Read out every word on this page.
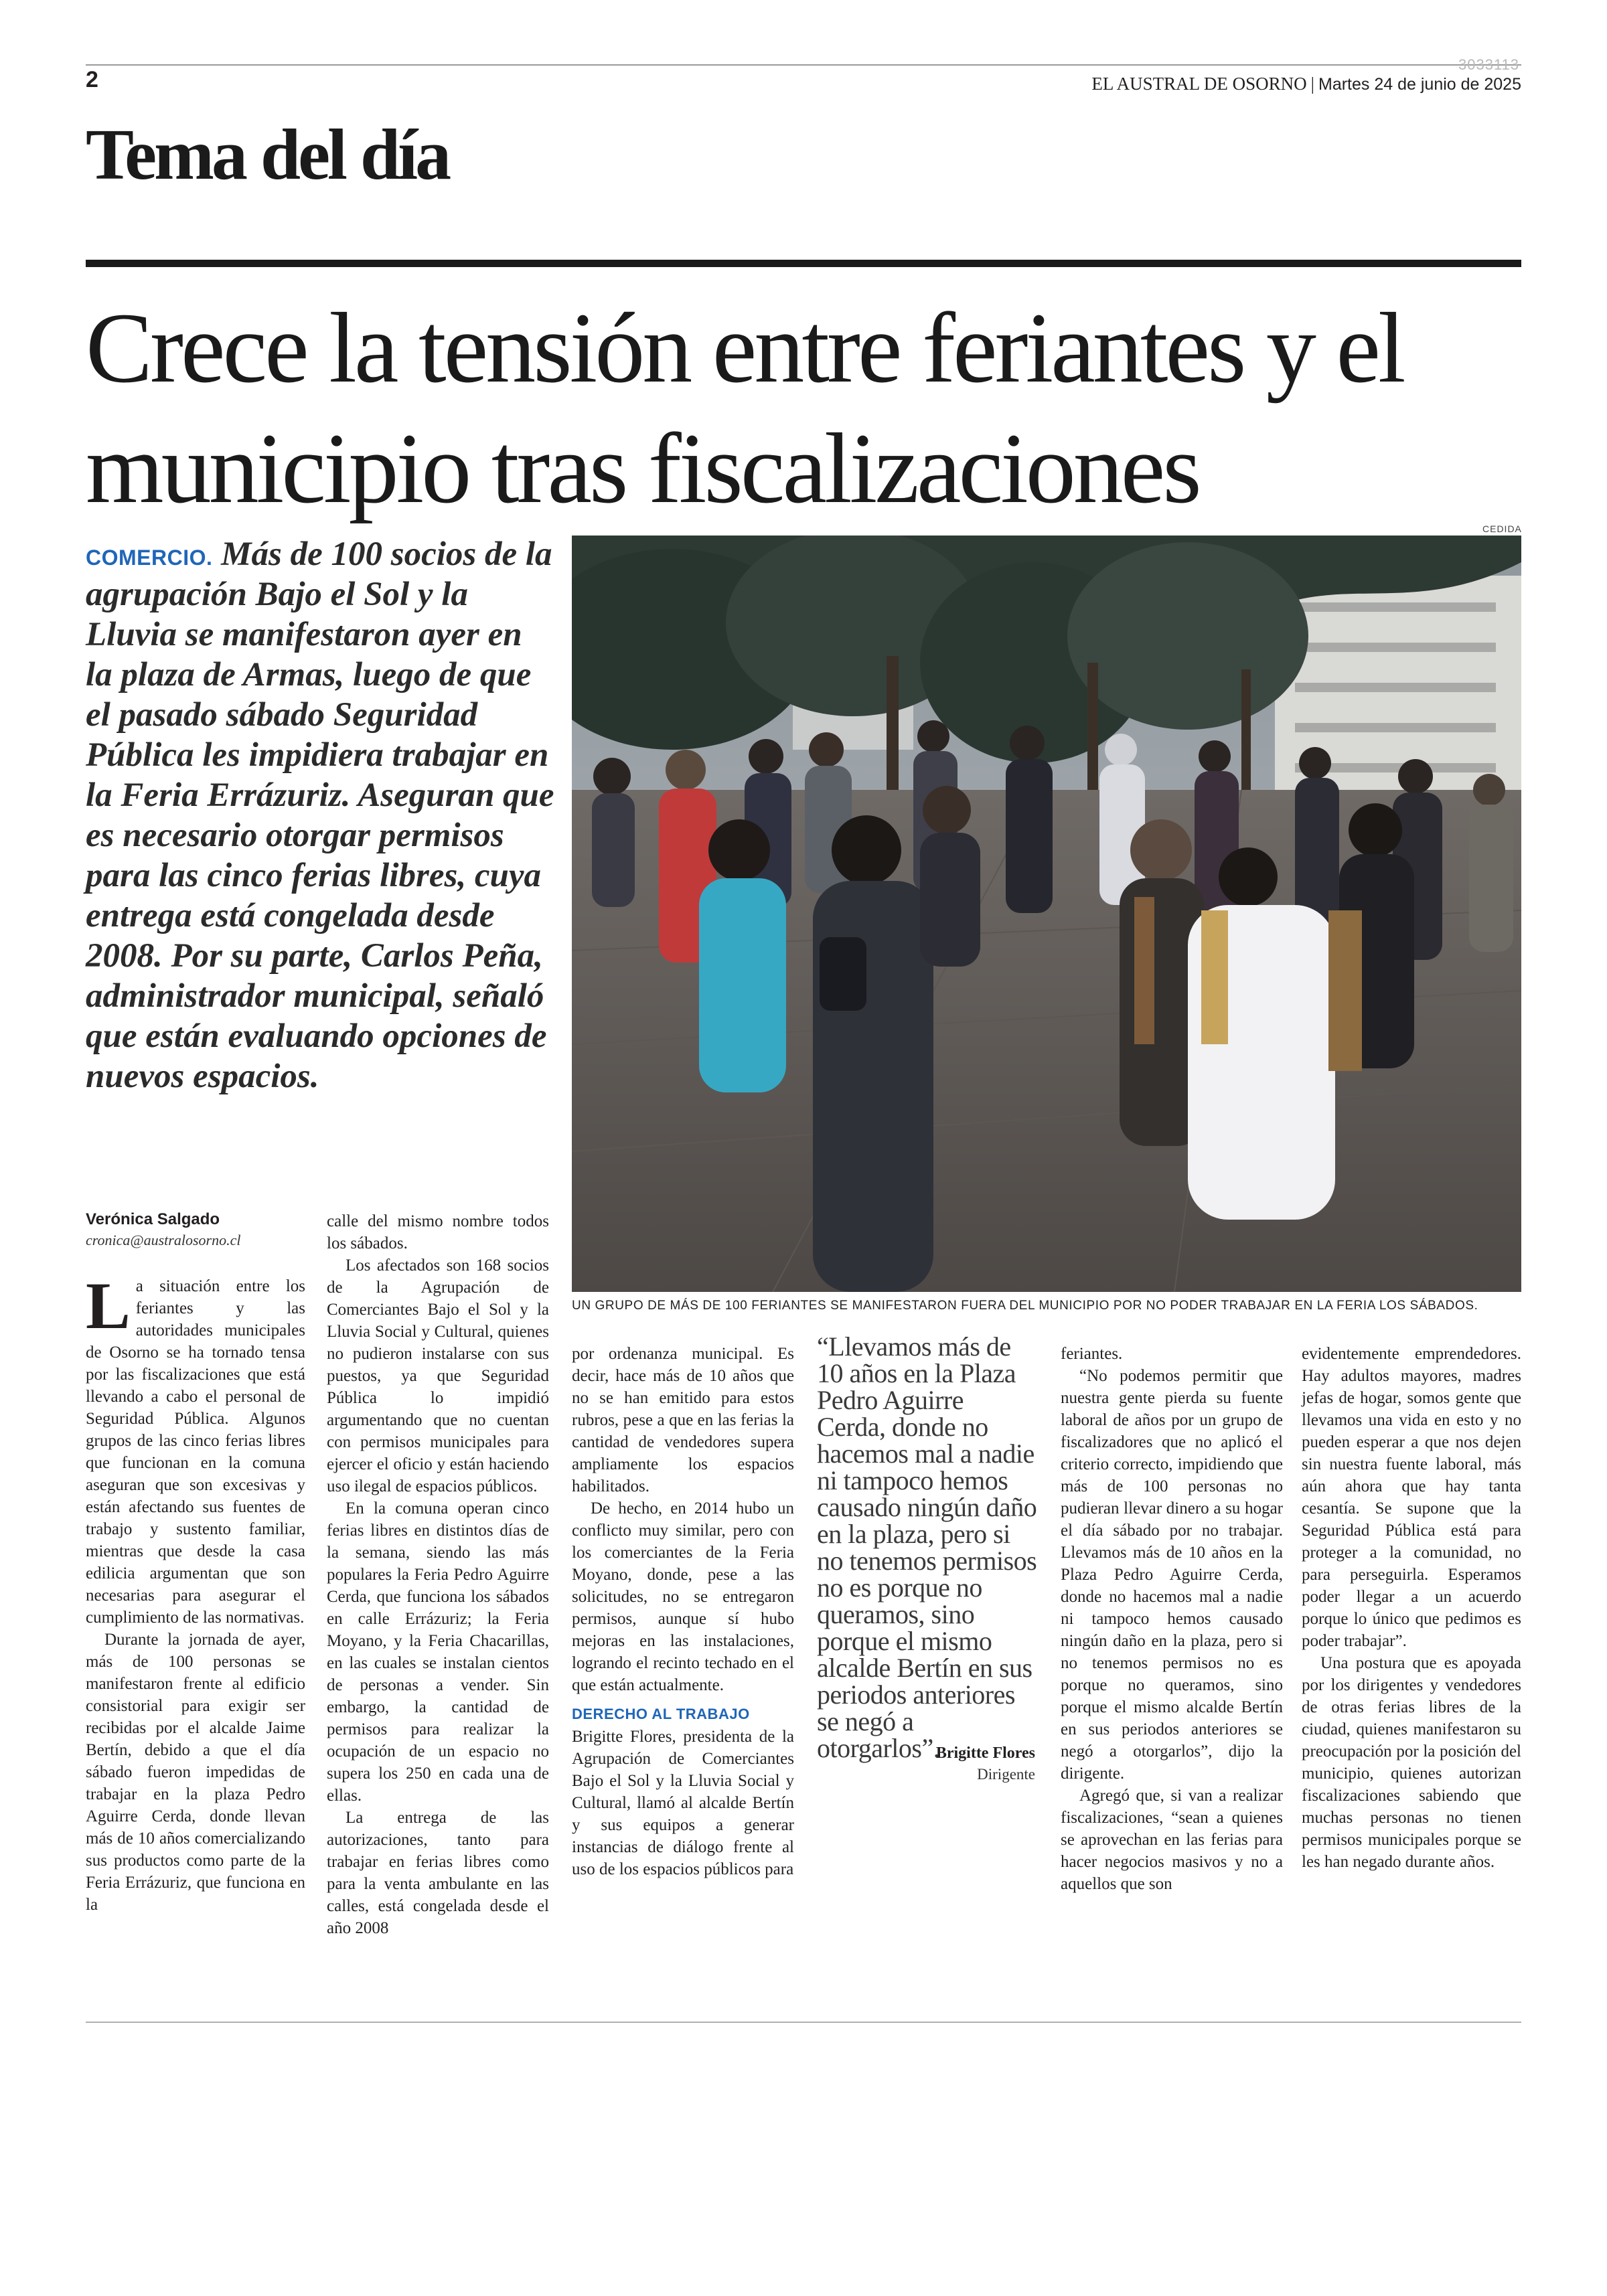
2
3033113
EL AUSTRAL DE OSORNO | Martes 24 de junio de 2025
Tema del día
Crece la tensión entre feriantes y el municipio tras fiscalizaciones
COMERCIO. Más de 100 socios de la agrupación Bajo el Sol y la Lluvia se manifestaron ayer en la plaza de Armas, luego de que el pasado sábado Seguridad Pública les impidiera trabajar en la Feria Errázuriz. Aseguran que es necesario otorgar permisos para las cinco ferias libres, cuya entrega está congelada desde 2008. Por su parte, Carlos Peña, administrador municipal, señaló que están evaluando opciones de nuevos espacios.
CEDIDA
UN GRUPO DE MÁS DE 100 FERIANTES SE MANIFESTARON FUERA DEL MUNICIPIO POR NO PODER TRABAJAR EN LA FERIA LOS SÁBADOS.
Verónica Salgado
cronica@australosorno.cl

La situación entre los feriantes y las autoridades municipales de Osorno se ha tornado tensa por las fiscalizaciones que está llevando a cabo el personal de Seguridad Pública. Algunos grupos de las cinco ferias libres que funcionan en la comuna aseguran que son excesivas y están afectando sus fuentes de trabajo y sustento familiar, mientras que desde la casa edilicia argumentan que son necesarias para asegurar el cumplimiento de las normativas.

Durante la jornada de ayer, más de 100 personas se manifestaron frente al edificio consistorial para exigir ser recibidas por el alcalde Jaime Bertín, debido a que el día sábado fueron impedidas de trabajar en la plaza Pedro Aguirre Cerda, donde llevan más de 10 años comercializando sus productos como parte de la Feria Errázuriz, que funciona en la

calle del mismo nombre todos los sábados.

Los afectados son 168 socios de la Agrupación de Comerciantes Bajo el Sol y la Lluvia Social y Cultural, quienes no pudieron instalarse con sus puestos, ya que Seguridad Pública lo impidió argumentando que no cuentan con permisos municipales para ejercer el oficio y están haciendo uso ilegal de espacios públicos.

En la comuna operan cinco ferias libres en distintos días de la semana, siendo las más populares la Feria Pedro Aguirre Cerda, que funciona los sábados en calle Errázuriz; la Feria Moyano, y la Feria Chacarillas, en las cuales se instalan cientos de personas a vender. Sin embargo, la cantidad de permisos para realizar la ocupación de un espacio no supera los 250 en cada una de ellas.

La entrega de las autorizaciones, tanto para trabajar en ferias libres como para la venta ambulante en las calles, está congelada desde el año 2008

por ordenanza municipal. Es decir, hace más de 10 años que no se han emitido para estos rubros, pese a que en las ferias la cantidad de vendedores supera ampliamente los espacios habilitados.

De hecho, en 2014 hubo un conflicto muy similar, pero con los comerciantes de la Feria Moyano, donde, pese a las solicitudes, no se entregaron permisos, aunque sí hubo mejoras en las instalaciones, logrando el recinto techado en el que están actualmente.

DERECHO AL TRABAJO

Brigitte Flores, presidenta de la Agrupación de Comerciantes Bajo el Sol y la Lluvia Social y Cultural, llamó al alcalde Bertín y sus equipos a generar instancias de diálogo frente al uso de los espacios públicos para

“Llevamos más de 10 años en la Plaza Pedro Aguirre Cerda, donde no hacemos mal a nadie ni tampoco hemos causado ningún daño en la plaza, pero si no tenemos permisos no es porque no queramos, sino porque el mismo alcalde Bertín en sus periodos anteriores se negó a otorgarlos”.
Brigitte Flores
Dirigente

feriantes.

“No podemos permitir que nuestra gente pierda su fuente laboral de años por un grupo de fiscalizadores que no aplicó el criterio correcto, impidiendo que más de 100 personas no pudieran llevar dinero a su hogar el día sábado por no trabajar. Llevamos más de 10 años en la Plaza Pedro Aguirre Cerda, donde no hacemos mal a nadie ni tampoco hemos causado ningún daño en la plaza, pero si no tenemos permisos no es porque no queramos, sino porque el mismo alcalde Bertín en sus periodos anteriores se negó a otorgarlos”, dijo la dirigente.

Agregó que, si van a realizar fiscalizaciones, “sean a quienes se aprovechan en las ferias para hacer negocios masivos y no a aquellos que son

evidentemente emprendedores. Hay adultos mayores, madres jefas de hogar, somos gente que llevamos una vida en esto y no pueden esperar a que nos dejen sin nuestra fuente laboral, más aún ahora que hay tanta cesantía. Se supone que la Seguridad Pública está para proteger a la comunidad, no para perseguirla. Esperamos poder llegar a un acuerdo porque lo único que pedimos es poder trabajar”.

Una postura que es apoyada por los dirigentes y vendedores de otras ferias libres de la ciudad, quienes manifestaron su preocupación por la posición del municipio, quienes autorizan fiscalizaciones sabiendo que muchas personas no tienen permisos municipales porque se les han negado durante años.
